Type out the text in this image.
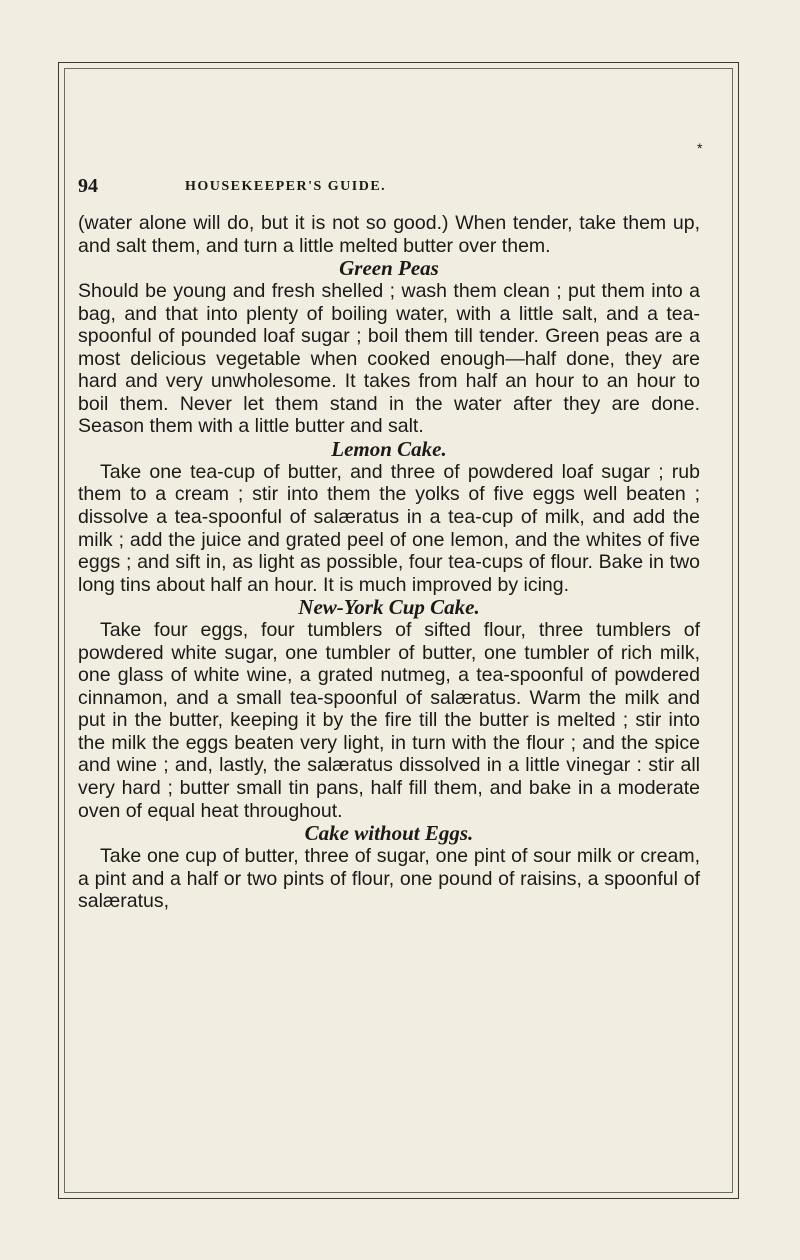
*
94	HOUSEKEEPER'S GUIDE.

(water alone will do, but it is not so good.) When tender, take them up, and salt them, and turn a little melted butter over them.

Green Peas

Should be young and fresh shelled ; wash them clean ; put them into a bag, and that into plenty of boiling water, with a little salt, and a tea-spoonful of pounded loaf sugar ; boil them till tender. Green peas are a most delicious vegetable when cooked enough—half done, they are hard and very unwholesome. It takes from half an hour to an hour to boil them. Never let them stand in the water after they are done. Season them with a little butter and salt.

Lemon Cake.

Take one tea-cup of butter, and three of powdered loaf sugar ; rub them to a cream ; stir into them the yolks of five eggs well beaten ; dissolve a tea-spoonful of salæratus in a tea-cup of milk, and add the milk ; add the juice and grated peel of one lemon, and the whites of five eggs ; and sift in, as light as possible, four tea-cups of flour. Bake in two long tins about half an hour. It is much improved by icing.

New-York Cup Cake.

Take four eggs, four tumblers of sifted flour, three tumblers of powdered white sugar, one tumbler of butter, one tumbler of rich milk, one glass of white wine, a grated nutmeg, a tea-spoonful of powdered cinnamon, and a small tea-spoonful of salæratus. Warm the milk and put in the butter, keeping it by the fire till the butter is melted ; stir into the milk the eggs beaten very light, in turn with the flour ; and the spice and wine ; and, lastly, the salæratus dissolved in a little vinegar : stir all very hard ; butter small tin pans, half fill them, and bake in a moderate oven of equal heat throughout.

Cake without Eggs.

Take one cup of butter, three of sugar, one pint of sour milk or cream, a pint and a half or two pints of flour, one pound of raisins, a spoonful of salæratus,
